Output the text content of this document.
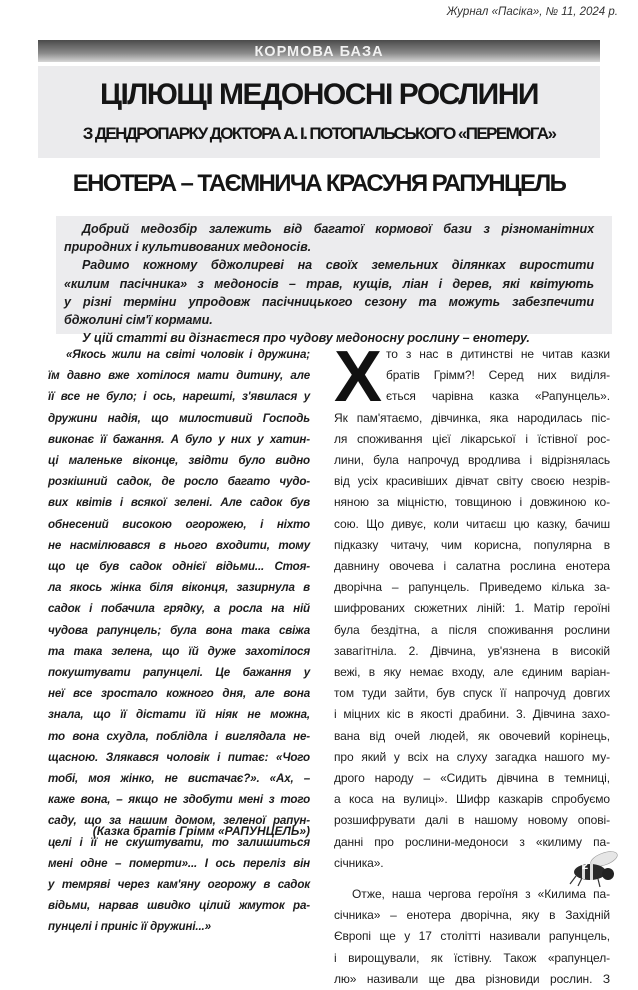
Журнал «Пасіка», № 11, 2024 р.
КОРМОВА БАЗА
ЦІЛЮЩІ МЕДОНОСНІ РОСЛИНИ
З ДЕНДРОПАРКУ ДОКТОРА А. І. ПОТОПАЛЬСЬКОГО «ПЕРЕМОГА»
ЕНОТЕРА – ТАЄМНИЧА КРАСУНЯ РАПУНЦЕЛЬ
Добрий медозбір залежить від багатої кормової бази з різноманітних
природних і культивованих медоносів.
Радимо кожному бджолиреві на своїх земельних ділянках виростити
«килим пасічника» з медоносів – трав, кущів, ліан і дерев, які квітують
у різні терміни упродовж пасічницького сезону та можуть забезпечити
бджолині сім'ї кормами.
У цій статті ви дізнаєтеся про чудову медоносну рослину – енотеру.
«Якось жили на світі чоловік і дружина;
їм давно вже хотілося мати дитину, але
її все не було; і ось, нарешті, з'явилася у
дружини надія, що милостивий Господь
виконає її бажання. А було у них у хатин-
ці маленьке віконце, звідти було видно
розкішний садок, де росло багато чудо-
вих квітів і всякої зелені. Але садок був
обнесений високою огорожею, і ніхто
не насмілювався в нього входити, тому
що це був садок однієї відьми... Стоя-
ла якось жінка біля віконця, зазирнула в
садок і побачила грядку, а росла на ній
чудова рапунцель; була вона така свіжа
та така зелена, що їй дуже захотілося
покуштувати рапунцелі. Це бажання у
неї все зростало кожного дня, але вона
знала, що її дістати їй ніяк не можна,
то вона схудла, поблідла і виглядала не-
щасною. Злякався чоловік і питає: «Чого
тобі, моя жінко, не вистачає?». «Ах, –
каже вона, – якщо не здобути мені з того
саду, що за нашим домом, зеленої рапун-
целі і її не скуштувати, то залишиться
мені одне – померти»... І ось переліз він
у темряві через кам'яну огорожу в садок
відьми, нарвав швидко цілий жмуток ра-
пунцелі і приніс її дружині...»
(Казка братів Грімм «РАПУНЦЕЛЬ»)
Х то з нас в дитинстві не читав казки
братів Грімм?! Серед них виділя-
ється чарівна казка «Рапунцель».
Як пам'ятаємо, дівчинка, яка народилась піс-
ля споживання цієї лікарської і їстівної рос-
лини, була напрочуд вродлива і відрізнялась
від усіх красивіших дівчат світу своєю незрів-
няною за міцністю, товщиною і довжиною ко-
сою. Що дивує, коли читаєш цю казку, бачиш
підказку читачу, чим корисна, популярна в
давнину овочева і салатна рослина енотера
дворічна – рапунцель. Приведемо кілька за-
шифрованих сюжетних ліній: 1. Матір героїні
була бездітна, а після споживання рослини
завагітніла. 2. Дівчина, ув'язнена в високій
вежі, в яку немає входу, але єдиним варіан-
том туди зайти, був спуск її напрочуд довгих
і міцних кіс в якості драбини. 3. Дівчина захо-
вана від очей людей, як овочевий корінець,
про який у всіх на слуху загадка нашого му-
дрого народу – «Сидить дівчина в темниці,
а коса на вулиці». Шифр казкарів спробуємо
розшифрувати далі в нашому новому опові-
данні про рослини-медоноси з «килиму па-
січника».
Отже, наша чергова героїня з «Килима па-
січника» – енотера дворічна, яку в Західній
Європі ще у 17 столітті називали рапунцель,
і вирощували, як їстівну. Також «рапунцел-
лю» називали ще два різновиди рослин. З
2
